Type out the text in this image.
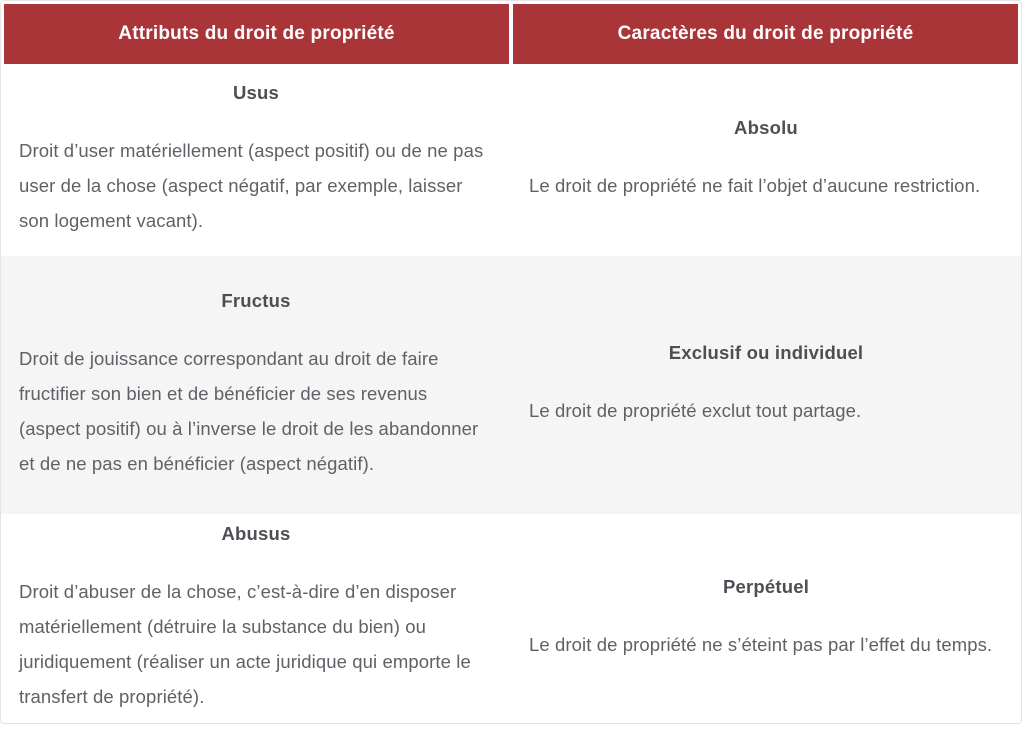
Attributs du droit de propriété	Caractères du droit de propriété
Usus

Droit d’user matériellement (aspect positif) ou de ne pas user de la chose (aspect négatif, par exemple, laisser son logement vacant).

Absolu

Le droit de propriété ne fait l’objet d’aucune restriction.

Fructus

Droit de jouissance correspondant au droit de faire fructifier son bien et de bénéficier de ses revenus (aspect positif) ou à l’inverse le droit de les abandonner et de ne pas en bénéficier (aspect négatif).

Exclusif ou individuel

Le droit de propriété exclut tout partage.

Abusus

Droit d’abuser de la chose, c’est-à-dire d’en disposer matériellement (détruire la substance du bien) ou juridiquement (réaliser un acte juridique qui emporte le transfert de propriété).

Perpétuel

Le droit de propriété ne s’éteint pas par l’effet du temps.
